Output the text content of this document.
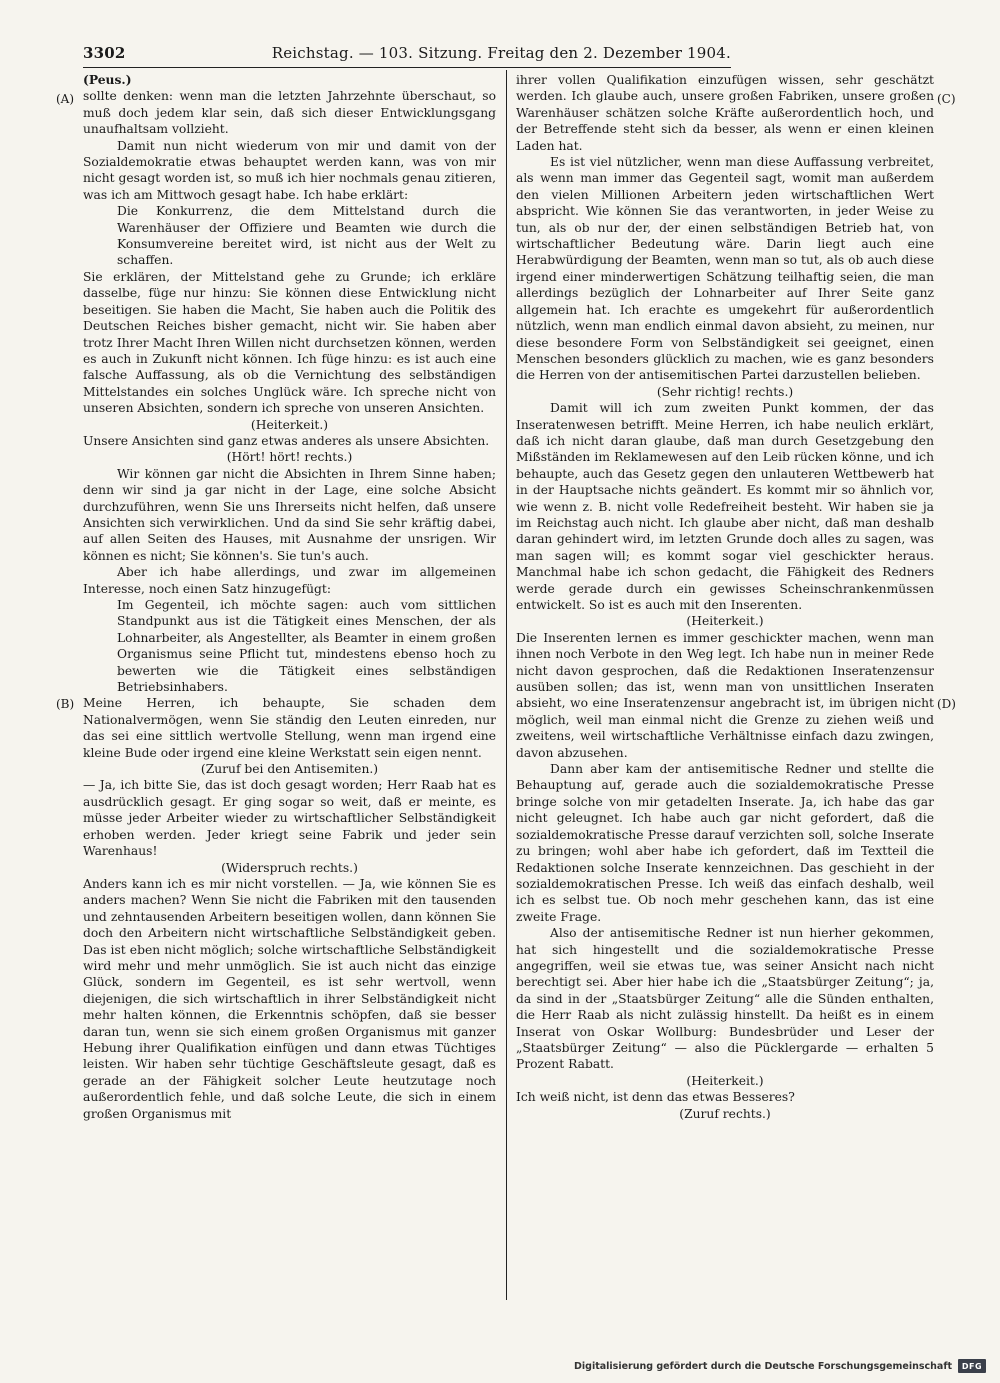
3302	Reichstag. — 103. Sitzung. Freitag den 2. Dezember 1904.
(A)
(B)
(C)
(D)

(Peus.)

sollte denken: wenn man die letzten Jahrzehnte überschaut, so muß doch jedem klar sein, daß sich dieser Entwicklungsgang unaufhaltsam vollzieht.

Damit nun nicht wiederum von mir und damit von der Sozialdemokratie etwas behauptet werden kann, was von mir nicht gesagt worden ist, so muß ich hier nochmals genau zitieren, was ich am Mittwoch gesagt habe. Ich habe erklärt:

Die Konkurrenz, die dem Mittelstand durch die Warenhäuser der Offiziere und Beamten wie durch die Konsumvereine bereitet wird, ist nicht aus der Welt zu schaffen.

Sie erklären, der Mittelstand gehe zu Grunde; ich erkläre dasselbe, füge nur hinzu: Sie können diese Entwicklung nicht beseitigen. Sie haben die Macht, Sie haben auch die Politik des Deutschen Reiches bisher gemacht, nicht wir. Sie haben aber trotz Ihrer Macht Ihren Willen nicht durchsetzen können, werden es auch in Zukunft nicht können. Ich füge hinzu: es ist auch eine falsche Auffassung, als ob die Vernichtung des selbständigen Mittelstandes ein solches Unglück wäre. Ich spreche nicht von unseren Absichten, sondern ich spreche von unseren Ansichten.

(Heiterkeit.)

Unsere Ansichten sind ganz etwas anderes als unsere Absichten.

(Hört! hört! rechts.)

Wir können gar nicht die Absichten in Ihrem Sinne haben; denn wir sind ja gar nicht in der Lage, eine solche Absicht durchzuführen, wenn Sie uns Ihrerseits nicht helfen, daß unsere Ansichten sich verwirklichen. Und da sind Sie sehr kräftig dabei, auf allen Seiten des Hauses, mit Ausnahme der unsrigen. Wir können es nicht; Sie können's. Sie tun's auch.

Aber ich habe allerdings, und zwar im allgemeinen Interesse, noch einen Satz hinzugefügt:

Im Gegenteil, ich möchte sagen: auch vom sittlichen Standpunkt aus ist die Tätigkeit eines Menschen, der als Lohnarbeiter, als Angestellter, als Beamter in einem großen Organismus seine Pflicht tut, mindestens ebenso hoch zu bewerten wie die Tätigkeit eines selbständigen Betriebsinhabers.

Meine Herren, ich behaupte, Sie schaden dem Nationalvermögen, wenn Sie ständig den Leuten einreden, nur das sei eine sittlich wertvolle Stellung, wenn man irgend eine kleine Bude oder irgend eine kleine Werkstatt sein eigen nennt.

(Zuruf bei den Antisemiten.)

— Ja, ich bitte Sie, das ist doch gesagt worden; Herr Raab hat es ausdrücklich gesagt. Er ging sogar so weit, daß er meinte, es müsse jeder Arbeiter wieder zu wirtschaftlicher Selbständigkeit erhoben werden. Jeder kriegt seine Fabrik und jeder sein Warenhaus!

(Widerspruch rechts.)

Anders kann ich es mir nicht vorstellen. — Ja, wie können Sie es anders machen? Wenn Sie nicht die Fabriken mit den tausenden und zehntausenden Arbeitern beseitigen wollen, dann können Sie doch den Arbeitern nicht wirtschaftliche Selbständigkeit geben. Das ist eben nicht möglich; solche wirtschaftliche Selbständigkeit wird mehr und mehr unmöglich. Sie ist auch nicht das einzige Glück, sondern im Gegenteil, es ist sehr wertvoll, wenn diejenigen, die sich wirtschaftlich in ihrer Selbständigkeit nicht mehr halten können, die Erkenntnis schöpfen, daß sie besser daran tun, wenn sie sich einem großen Organismus mit ganzer Hebung ihrer Qualifikation einfügen und dann etwas Tüchtiges leisten. Wir haben sehr tüchtige Geschäftsleute gesagt, daß es gerade an der Fähigkeit solcher Leute heutzutage noch außerordentlich fehle, und daß solche Leute, die sich in einem großen Organismus mit

ihrer vollen Qualifikation einzufügen wissen, sehr geschätzt werden. Ich glaube auch, unsere großen Fabriken, unsere großen Warenhäuser schätzen solche Kräfte außerordentlich hoch, und der Betreffende steht sich da besser, als wenn er einen kleinen Laden hat.

Es ist viel nützlicher, wenn man diese Auffassung verbreitet, als wenn man immer das Gegenteil sagt, womit man außerdem den vielen Millionen Arbeitern jeden wirtschaftlichen Wert abspricht. Wie können Sie das verantworten, in jeder Weise zu tun, als ob nur der, der einen selbständigen Betrieb hat, von wirtschaftlicher Bedeutung wäre. Darin liegt auch eine Herabwürdigung der Beamten, wenn man so tut, als ob auch diese irgend einer minderwertigen Schätzung teilhaftig seien, die man allerdings bezüglich der Lohnarbeiter auf Ihrer Seite ganz allgemein hat. Ich erachte es umgekehrt für außerordentlich nützlich, wenn man endlich einmal davon absieht, zu meinen, nur diese besondere Form von Selbständigkeit sei geeignet, einen Menschen besonders glücklich zu machen, wie es ganz besonders die Herren von der antisemitischen Partei darzustellen belieben.

(Sehr richtig! rechts.)

Damit will ich zum zweiten Punkt kommen, der das Inseratenwesen betrifft. Meine Herren, ich habe neulich erklärt, daß ich nicht daran glaube, daß man durch Gesetzgebung den Mißständen im Reklamewesen auf den Leib rücken könne, und ich behaupte, auch das Gesetz gegen den unlauteren Wettbewerb hat in der Hauptsache nichts geändert. Es kommt mir so ähnlich vor, wie wenn z. B. nicht volle Redefreiheit besteht. Wir haben sie ja im Reichstag auch nicht. Ich glaube aber nicht, daß man deshalb daran gehindert wird, im letzten Grunde doch alles zu sagen, was man sagen will; es kommt sogar viel geschickter heraus. Manchmal habe ich schon gedacht, die Fähigkeit des Redners werde gerade durch ein gewisses Scheinschrankenmüssen entwickelt. So ist es auch mit den Inserenten.

(Heiterkeit.)

Die Inserenten lernen es immer geschickter machen, wenn man ihnen noch Verbote in den Weg legt. Ich habe nun in meiner Rede nicht davon gesprochen, daß die Redaktionen Inseratenzensur ausüben sollen; das ist, wenn man von unsittlichen Inseraten absieht, wo eine Inseratenzensur angebracht ist, im übrigen nicht möglich, weil man einmal nicht die Grenze zu ziehen weiß und zweitens, weil wirtschaftliche Verhältnisse einfach dazu zwingen, davon abzusehen.

Dann aber kam der antisemitische Redner und stellte die Behauptung auf, gerade auch die sozialdemokratische Presse bringe solche von mir getadelten Inserate. Ja, ich habe das gar nicht geleugnet. Ich habe auch gar nicht gefordert, daß die sozialdemokratische Presse darauf verzichten soll, solche Inserate zu bringen; wohl aber habe ich gefordert, daß im Textteil die Redaktionen solche Inserate kennzeichnen. Das geschieht in der sozialdemokratischen Presse. Ich weiß das einfach deshalb, weil ich es selbst tue. Ob noch mehr geschehen kann, das ist eine zweite Frage.

Also der antisemitische Redner ist nun hierher gekommen, hat sich hingestellt und die sozialdemokratische Presse angegriffen, weil sie etwas tue, was seiner Ansicht nach nicht berechtigt sei. Aber hier habe ich die „Staatsbürger Zeitung“; ja, da sind in der „Staatsbürger Zeitung“ alle die Sünden enthalten, die Herr Raab als nicht zulässig hinstellt. Da heißt es in einem Inserat von Oskar Wollburg: Bundesbrüder und Leser der „Staatsbürger Zeitung“ — also die Pücklergarde — erhalten 5 Prozent Rabatt.

(Heiterkeit.)

Ich weiß nicht, ist denn das etwas Besseres?

(Zuruf rechts.)

Digitalisierung gefördert durch die Deutsche Forschungsgemeinschaft	DFG
